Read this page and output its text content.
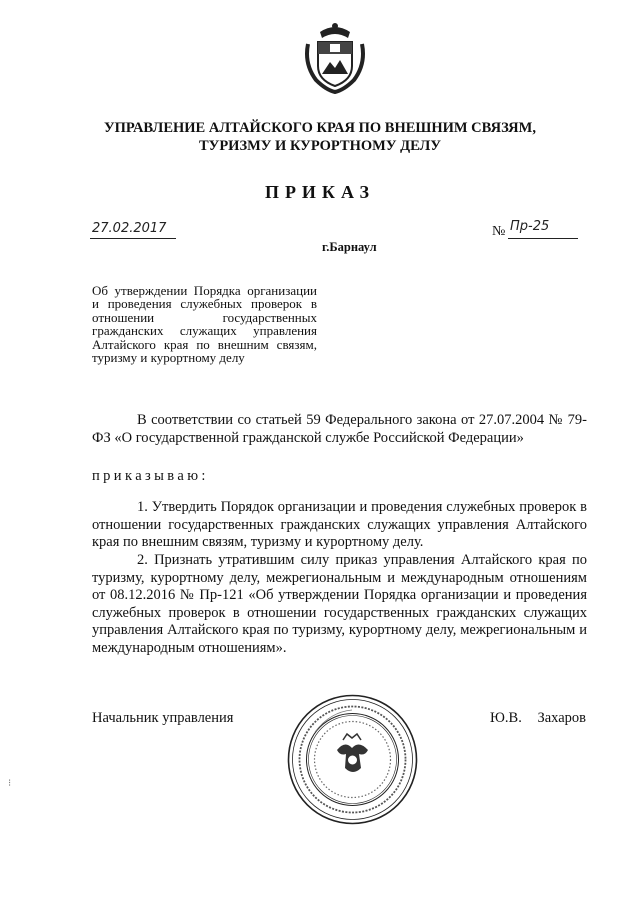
УПРАВЛЕНИЕ АЛТАЙСКОГО КРАЯ ПО ВНЕШНИМ СВЯЗЯМ,
ТУРИЗМУ И КУРОРТНОМУ ДЕЛУ
ПРИКАЗ
27.02.2017	№ Пр-25
г.Барнаул
Об утверждении Порядка организации и проведения служебных проверок в отношении государственных гражданских служащих управления Алтайского края по внешним связям, туризму и курортному делу
В соответствии со статьей 59 Федерального закона от 27.07.2004 № 79-ФЗ «О государственной гражданской службе Российской Федерации»
приказываю:
1. Утвердить Порядок организации и проведения служебных проверок в отношении государственных гражданских служащих управления Алтайского края по внешним связям, туризму и курортному делу.
2. Признать утратившим силу приказ управления Алтайского края по туризму, курортному делу, межрегиональным и международным отношениям от 08.12.2016 № Пр-121 «Об утверждении Порядка организации и проведения служебных проверок в отношении государственных гражданских служащих управления Алтайского края по туризму, курортному делу, межрегиональным и международным отношениям».
Начальник управления	Ю.В. Захаров
⁝
